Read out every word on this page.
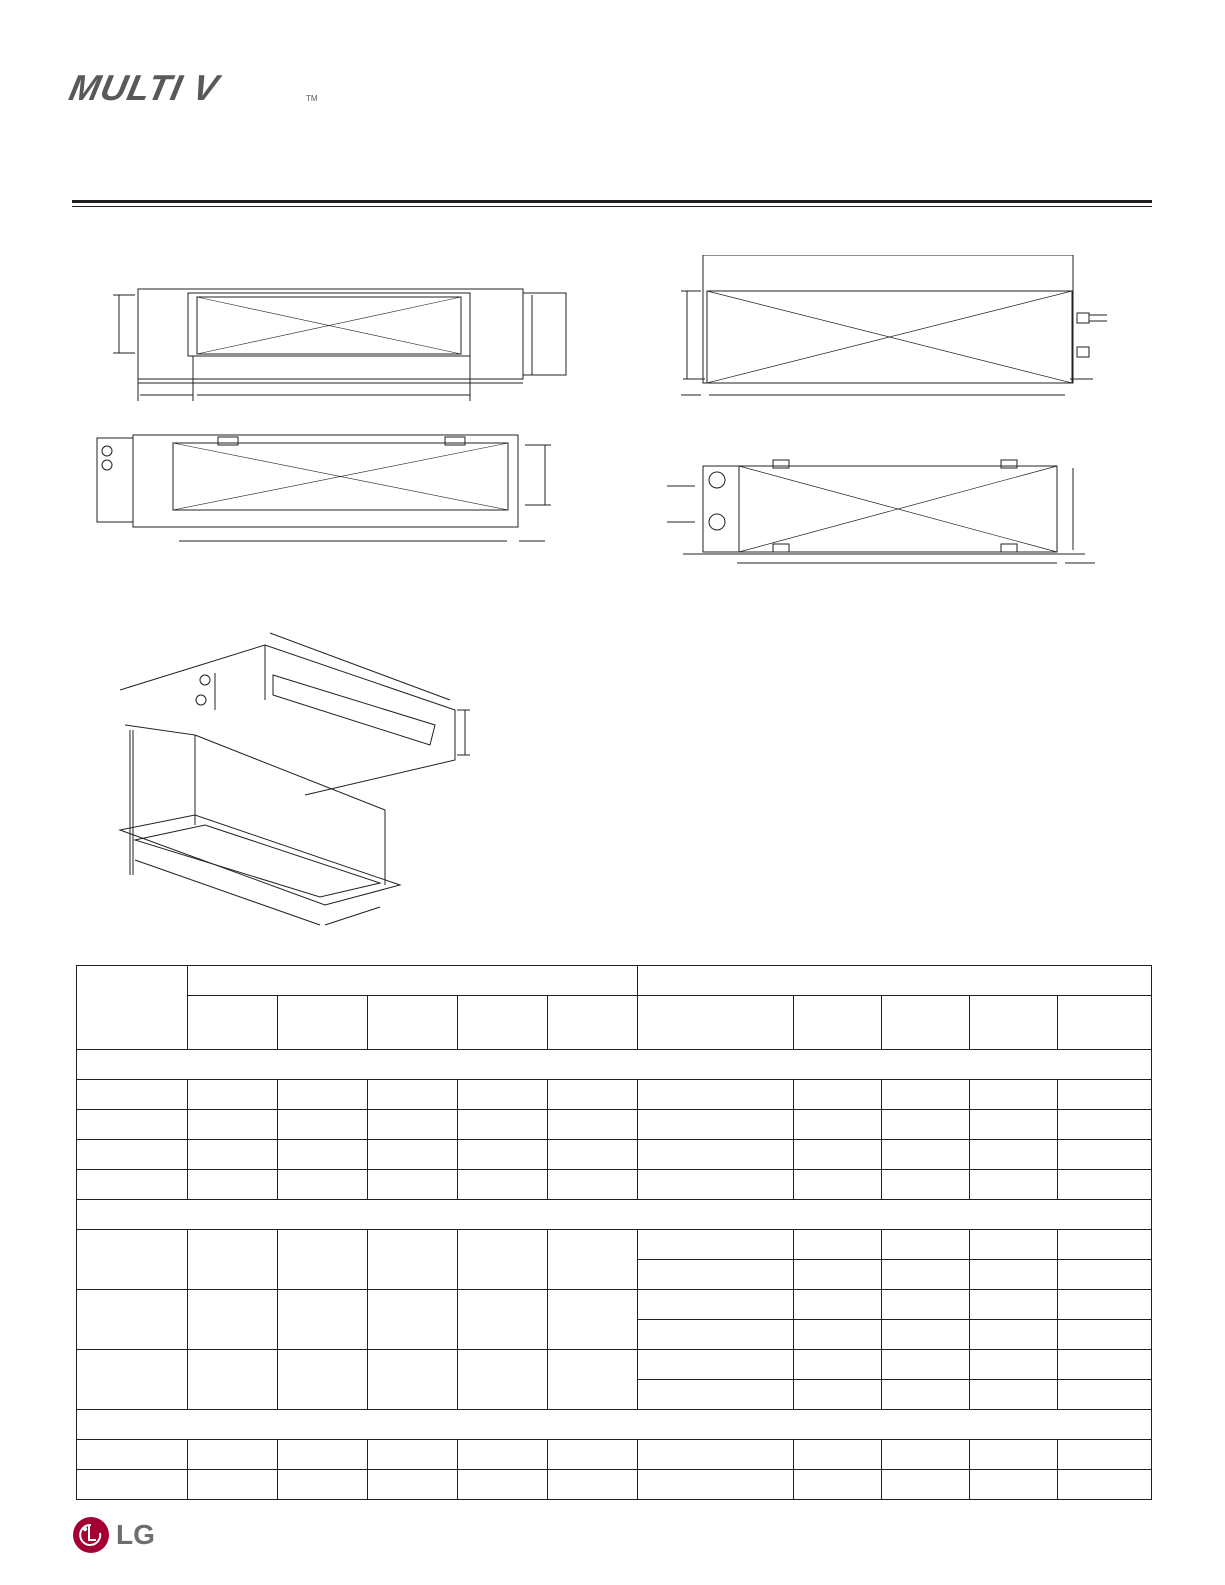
MULTI V	TM

LG
